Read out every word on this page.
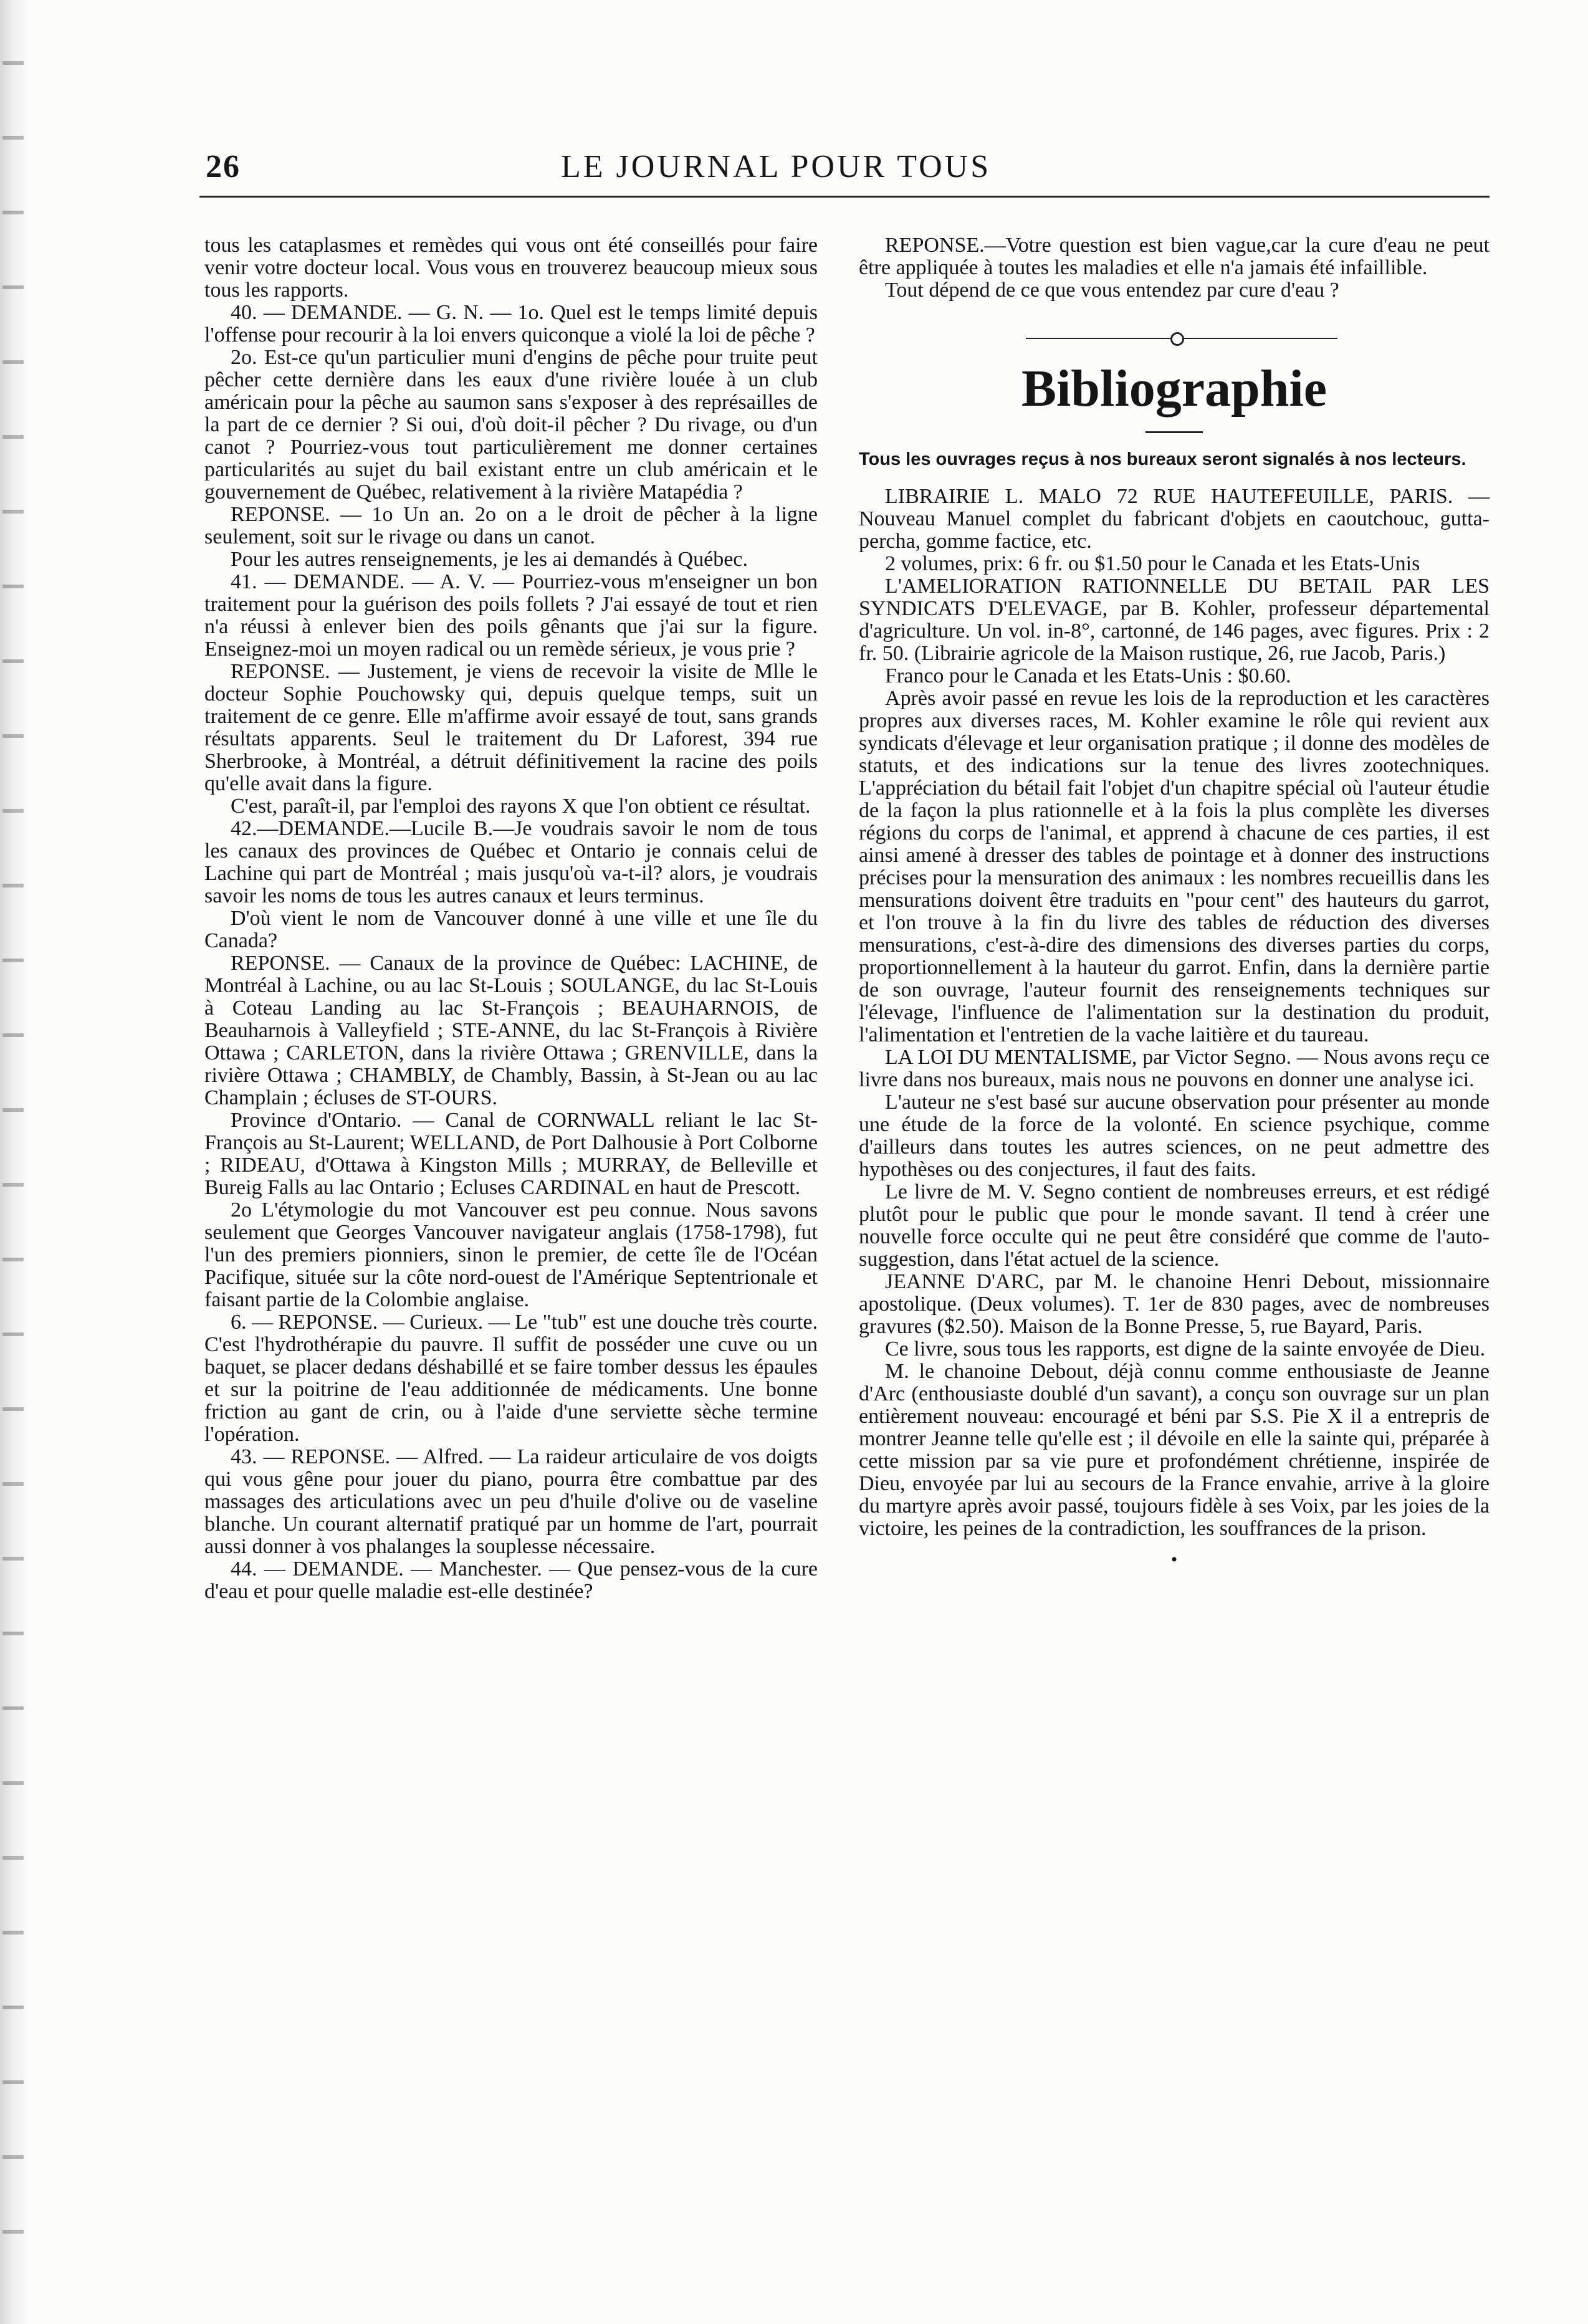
26	LE JOURNAL POUR TOUS

tous les cataplasmes et remèdes qui vous ont été conseillés pour faire venir votre docteur local. Vous vous en trouverez beaucoup mieux sous tous les rapports.

40. — DEMANDE. — G. N. — 1o. Quel est le temps limité depuis l'offense pour recourir à la loi envers quiconque a violé la loi de pêche ?

2o. Est-ce qu'un particulier muni d'engins de pêche pour truite peut pêcher cette dernière dans les eaux d'une rivière louée à un club américain pour la pêche au saumon sans s'exposer à des représailles de la part de ce dernier ? Si oui, d'où doit-il pêcher ? Du rivage, ou d'un canot ? Pourriez-vous tout particulièrement me donner certaines particularités au sujet du bail existant entre un club américain et le gouvernement de Québec, relativement à la rivière Matapédia ?

REPONSE. — 1o Un an. 2o on a le droit de pêcher à la ligne seulement, soit sur le rivage ou dans un canot.

Pour les autres renseignements, je les ai demandés à Québec.

41. — DEMANDE. — A. V. — Pourriez-vous m'enseigner un bon traitement pour la guérison des poils follets ? J'ai essayé de tout et rien n'a réussi à enlever bien des poils gênants que j'ai sur la figure. Enseignez-moi un moyen radical ou un remède sérieux, je vous prie ?

REPONSE. — Justement, je viens de recevoir la visite de Mlle le docteur Sophie Pouchowsky qui, depuis quelque temps, suit un traitement de ce genre. Elle m'affirme avoir essayé de tout, sans grands résultats apparents. Seul le traitement du Dr Laforest, 394 rue Sherbrooke, à Montréal, a détruit définitivement la racine des poils qu'elle avait dans la figure.

C'est, paraît-il, par l'emploi des rayons X que l'on obtient ce résultat.

42.—DEMANDE.—Lucile B.—Je voudrais savoir le nom de tous les canaux des provinces de Québec et Ontario je connais celui de Lachine qui part de Montréal ; mais jusqu'où va-t-il? alors, je voudrais savoir les noms de tous les autres canaux et leurs terminus.

D'où vient le nom de Vancouver donné à une ville et une île du Canada?

REPONSE. — Canaux de la province de Québec: LACHINE, de Montréal à Lachine, ou au lac St-Louis ; SOULANGE, du lac St-Louis à Coteau Landing au lac St-François ; BEAUHARNOIS, de Beauharnois à Valleyfield ; STE-ANNE, du lac St-François à Rivière Ottawa ; CARLETON, dans la rivière Ottawa ; GRENVILLE, dans la rivière Ottawa ; CHAMBLY, de Chambly, Bassin, à St-Jean ou au lac Champlain ; écluses de ST-OURS.

Province d'Ontario. — Canal de CORNWALL reliant le lac St-François au St-Laurent; WELLAND, de Port Dalhousie à Port Colborne ; RIDEAU, d'Ottawa à Kingston Mills ; MURRAY, de Belleville et Bureig Falls au lac Ontario ; Ecluses CARDINAL en haut de Prescott.

2o L'étymologie du mot Vancouver est peu connue. Nous savons seulement que Georges Vancouver navigateur anglais (1758-1798), fut l'un des premiers pionniers, sinon le premier, de cette île de l'Océan Pacifique, située sur la côte nord-ouest de l'Amérique Septentrionale et faisant partie de la Colombie anglaise.

6. — REPONSE. — Curieux. — Le "tub" est une douche très courte. C'est l'hydrothérapie du pauvre. Il suffit de posséder une cuve ou un baquet, se placer dedans déshabillé et se faire tomber dessus les épaules et sur la poitrine de l'eau additionnée de médicaments. Une bonne friction au gant de crin, ou à l'aide d'une serviette sèche termine l'opération.

43. — REPONSE. — Alfred. — La raideur articulaire de vos doigts qui vous gêne pour jouer du piano, pourra être combattue par des massages des articulations avec un peu d'huile d'olive ou de vaseline blanche. Un courant alternatif pratiqué par un homme de l'art, pourrait aussi donner à vos phalanges la souplesse nécessaire.

44. — DEMANDE. — Manchester. — Que pensez-vous de la cure d'eau et pour quelle maladie est-elle destinée?

REPONSE.—Votre question est bien vague,car la cure d'eau ne peut être appliquée à toutes les maladies et elle n'a jamais été infaillible.

Tout dépend de ce que vous entendez par cure d'eau ?

Bibliographie

Tous les ouvrages reçus à nos bureaux seront signalés à nos lecteurs.

LIBRAIRIE L. MALO 72 RUE HAUTEFEUILLE, PARIS. — Nouveau Manuel complet du fabricant d'objets en caoutchouc, gutta-percha, gomme factice, etc.

2 volumes, prix: 6 fr. ou $1.50 pour le Canada et les Etats-Unis

L'AMELIORATION RATIONNELLE DU BETAIL PAR LES SYNDICATS D'ELEVAGE, par B. Kohler, professeur départemental d'agriculture. Un vol. in-8°, cartonné, de 146 pages, avec figures. Prix : 2 fr. 50. (Librairie agricole de la Maison rustique, 26, rue Jacob, Paris.)

Franco pour le Canada et les Etats-Unis : $0.60.

Après avoir passé en revue les lois de la reproduction et les caractères propres aux diverses races, M. Kohler examine le rôle qui revient aux syndicats d'élevage et leur organisation pratique ; il donne des modèles de statuts, et des indications sur la tenue des livres zootechniques. L'appréciation du bétail fait l'objet d'un chapitre spécial où l'auteur étudie de la façon la plus rationnelle et à la fois la plus complète les diverses régions du corps de l'animal, et apprend à chacune de ces parties, il est ainsi amené à dresser des tables de pointage et à donner des instructions précises pour la mensuration des animaux : les nombres recueillis dans les mensurations doivent être traduits en "pour cent" des hauteurs du garrot, et l'on trouve à la fin du livre des tables de réduction des diverses mensurations, c'est-à-dire des dimensions des diverses parties du corps, proportionnellement à la hauteur du garrot. Enfin, dans la dernière partie de son ouvrage, l'auteur fournit des renseignements techniques sur l'élevage, l'influence de l'alimentation sur la destination du produit, l'alimentation et l'entretien de la vache laitière et du taureau.

LA LOI DU MENTALISME, par Victor Segno. — Nous avons reçu ce livre dans nos bureaux, mais nous ne pouvons en donner une analyse ici.

L'auteur ne s'est basé sur aucune observation pour présenter au monde une étude de la force de la volonté. En science psychique, comme d'ailleurs dans toutes les autres sciences, on ne peut admettre des hypothèses ou des conjectures, il faut des faits.

Le livre de M. V. Segno contient de nombreuses erreurs, et est rédigé plutôt pour le public que pour le monde savant. Il tend à créer une nouvelle force occulte qui ne peut être considéré que comme de l'auto-suggestion, dans l'état actuel de la science.

JEANNE D'ARC, par M. le chanoine Henri Debout, missionnaire apostolique. (Deux volumes). T. 1er de 830 pages, avec de nombreuses gravures ($2.50). Maison de la Bonne Presse, 5, rue Bayard, Paris.

Ce livre, sous tous les rapports, est digne de la sainte envoyée de Dieu.

M. le chanoine Debout, déjà connu comme enthousiaste de Jeanne d'Arc (enthousiaste doublé d'un savant), a conçu son ouvrage sur un plan entièrement nouveau: encouragé et béni par S.S. Pie X il a entrepris de montrer Jeanne telle qu'elle est ; il dévoile en elle la sainte qui, préparée à cette mission par sa vie pure et profondément chrétienne, inspirée de Dieu, envoyée par lui au secours de la France envahie, arrive à la gloire du martyre après avoir passé, toujours fidèle à ses Voix, par les joies de la victoire, les peines de la contradiction, les souffrances de la prison.

•
